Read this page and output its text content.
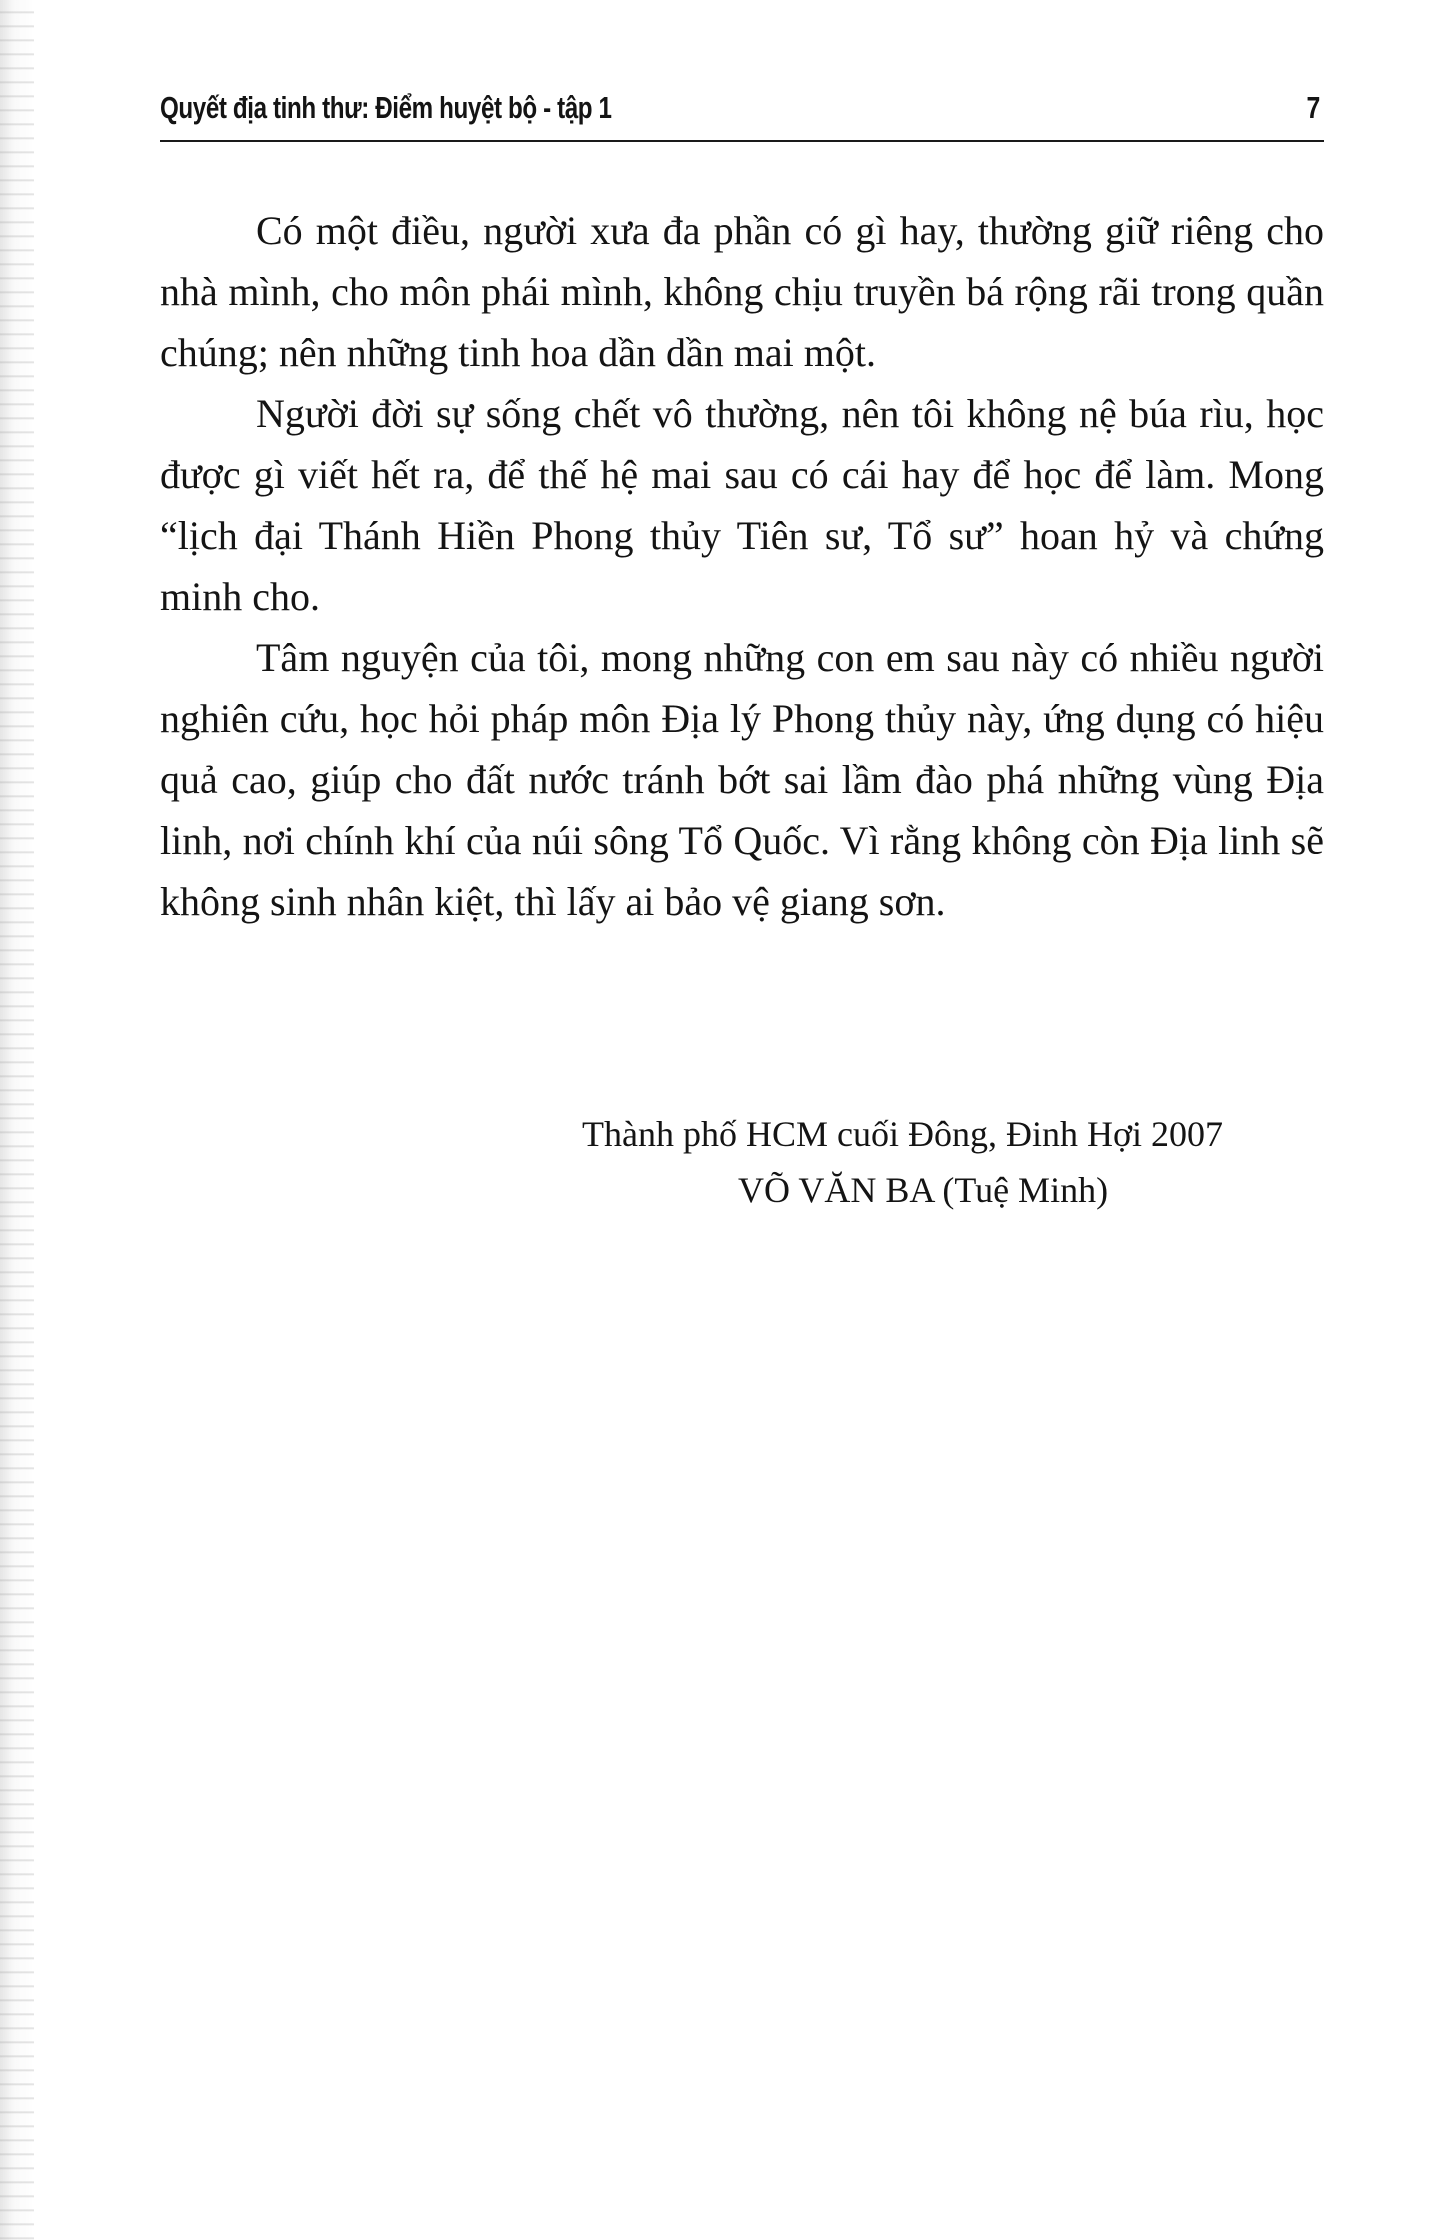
Quyết địa tinh thư: Điểm huyệt bộ - tập 1	7

Có một điều, người xưa đa phần có gì hay, thường giữ riêng cho nhà mình, cho môn phái mình, không chịu truyền bá rộng rãi trong quần chúng; nên những tinh hoa dần dần mai một.

Người đời sự sống chết vô thường, nên tôi không nệ búa rìu, học được gì viết hết ra, để thế hệ mai sau có cái hay để học để làm. Mong “lịch đại Thánh Hiền Phong thủy Tiên sư, Tổ sư” hoan hỷ và chứng minh cho.

Tâm nguyện của tôi, mong những con em sau này có nhiều người nghiên cứu, học hỏi pháp môn Địa lý Phong thủy này, ứng dụng có hiệu quả cao, giúp cho đất nước tránh bớt sai lầm đào phá những vùng Địa linh, nơi chính khí của núi sông Tổ Quốc. Vì rằng không còn Địa linh sẽ không sinh nhân kiệt, thì lấy ai bảo vệ giang sơn.

Thành phố HCM cuối Đông, Đinh Hợi 2007
VÕ VĂN BA (Tuệ Minh)
